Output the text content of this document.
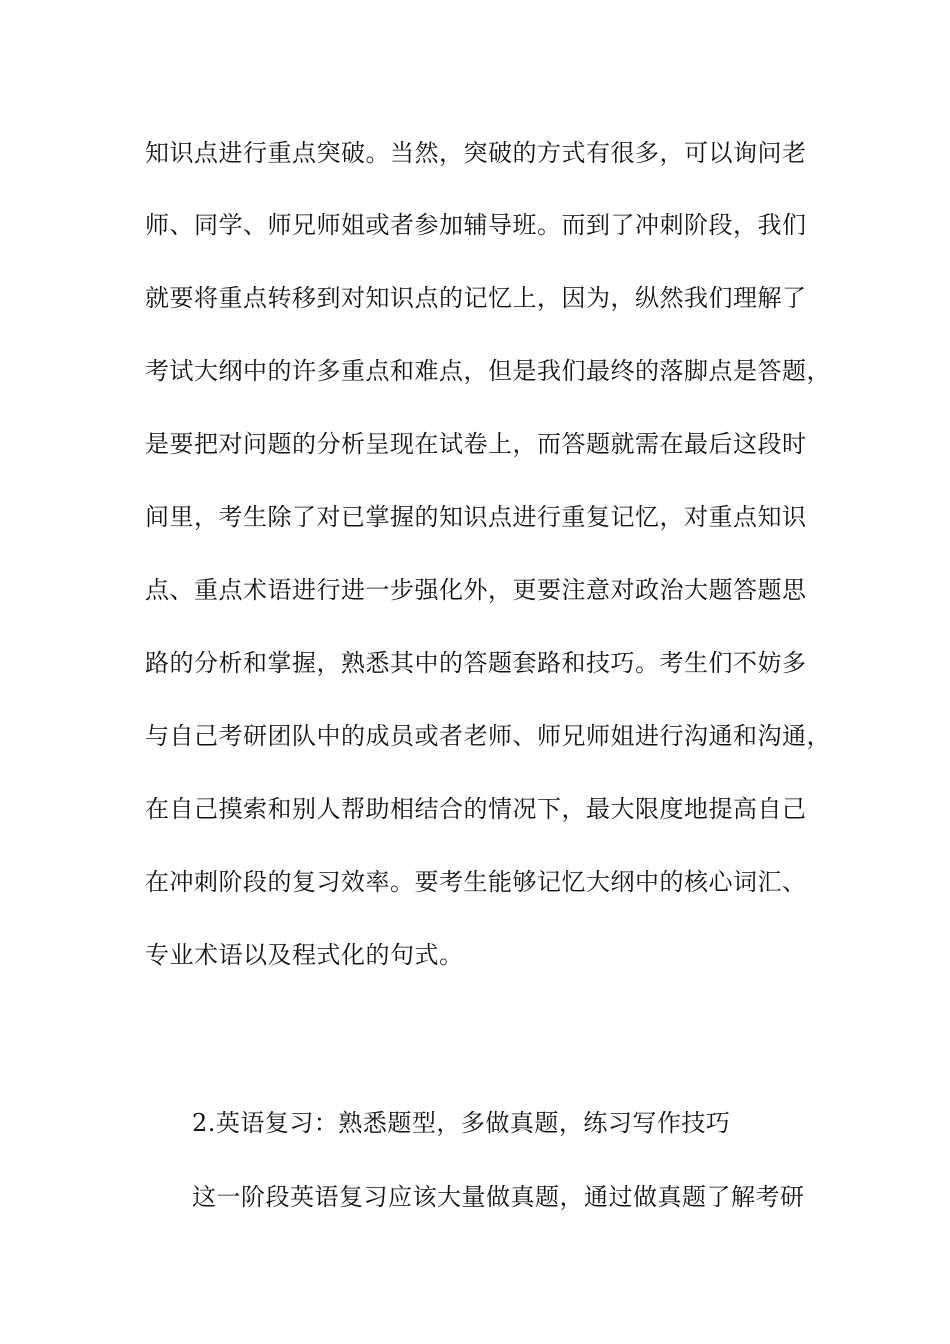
知识点进行重点突破。当然，突破的方式有很多，可以询问老
师、同学、师兄师姐或者参加辅导班。而到了冲刺阶段，我们
就要将重点转移到对知识点的记忆上，因为，纵然我们理解了
考试大纲中的许多重点和难点，但是我们最终的落脚点是答题，
是要把对问题的分析呈现在试卷上，而答题就需在最后这段时
间里，考生除了对已掌握的知识点进行重复记忆，对重点知识
点、重点术语进行进一步强化外，更要注意对政治大题答题思
路的分析和掌握，熟悉其中的答题套路和技巧。考生们不妨多
与自己考研团队中的成员或者老师、师兄师姐进行沟通和沟通，
在自己摸索和别人帮助相结合的情况下，最大限度地提高自己
在冲刺阶段的复习效率。要考生能够记忆大纲中的核心词汇、
专业术语以及程式化的句式。
2.英语复习：熟悉题型，多做真题，练习写作技巧
这一阶段英语复习应该大量做真题，通过做真题了解考研
